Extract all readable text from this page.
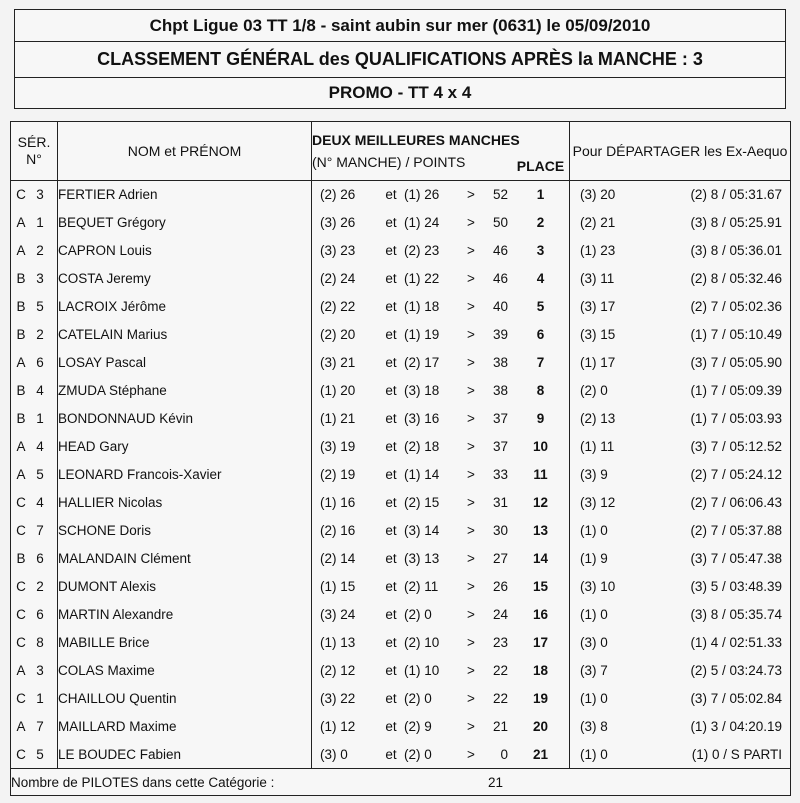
Chpt Ligue 03 TT 1/8 - saint aubin sur mer (0631) le 05/09/2010
CLASSEMENT GÉNÉRAL des QUALIFICATIONS APRÈS la MANCHE : 3
PROMO - TT 4 x 4
SÉR.
N°	NOM et PRÉNOM	DEUX MEILLEURES MANCHES
(N° MANCHE) / POINTS	PLACE	Pour DÉPARTAGER les Ex-Aequo
C 3	FERTIER Adrien	(2) 26 et (1) 26 > 52	1	(3) 20 (2) 8 / 05:31.67

A 1	BEQUET Grégory	(3) 26 et (1) 24 > 50	2	(2) 21 (3) 8 / 05:25.91

A 2	CAPRON Louis	(3) 23 et (2) 23 > 46	3	(1) 23 (3) 8 / 05:36.01

B 3	COSTA Jeremy	(2) 24 et (1) 22 > 46	4	(3) 11 (2) 8 / 05:32.46

B 5	LACROIX Jérôme	(2) 22 et (1) 18 > 40	5	(3) 17 (2) 7 / 05:02.36

B 2	CATELAIN Marius	(2) 20 et (1) 19 > 39	6	(3) 15 (1) 7 / 05:10.49

A 6	LOSAY Pascal	(3) 21 et (2) 17 > 38	7	(1) 17 (3) 7 / 05:05.90

B 4	ZMUDA Stéphane	(1) 20 et (3) 18 > 38	8	(2) 0 (1) 7 / 05:09.39

B 1	BONDONNAUD Kévin	(1) 21 et (3) 16 > 37	9	(2) 13 (1) 7 / 05:03.93

A 4	HEAD Gary	(3) 19 et (2) 18 > 37	10	(1) 11 (3) 7 / 05:12.52

A 5	LEONARD Francois-Xavier	(2) 19 et (1) 14 > 33	11	(3) 9 (2) 7 / 05:24.12

C 4	HALLIER Nicolas	(1) 16 et (2) 15 > 31	12	(3) 12 (2) 7 / 06:06.43

C 7	SCHONE Doris	(2) 16 et (3) 14 > 30	13	(1) 0 (2) 7 / 05:37.88

B 6	MALANDAIN Clément	(2) 14 et (3) 13 > 27	14	(1) 9 (3) 7 / 05:47.38

C 2	DUMONT Alexis	(1) 15 et (2) 11 > 26	15	(3) 10 (3) 5 / 03:48.39

C 6	MARTIN Alexandre	(3) 24 et (2) 0 > 24	16	(1) 0 (3) 8 / 05:35.74

C 8	MABILLE Brice	(1) 13 et (2) 10 > 23	17	(3) 0 (1) 4 / 02:51.33

A 3	COLAS Maxime	(2) 12 et (1) 10 > 22	18	(3) 7 (2) 5 / 03:24.73

C 1	CHAILLOU Quentin	(3) 22 et (2) 0 > 22	19	(1) 0 (3) 7 / 05:02.84

A 7	MAILLARD Maxime	(1) 12 et (2) 9 > 21	20	(3) 8 (1) 3 / 04:20.19

C 5	LE BOUDEC Fabien	(3) 0 et (2) 0 > 0	21	(1) 0 (1) 0 / S PARTI

Nombre de PILOTES dans cette Catégorie :			21	
